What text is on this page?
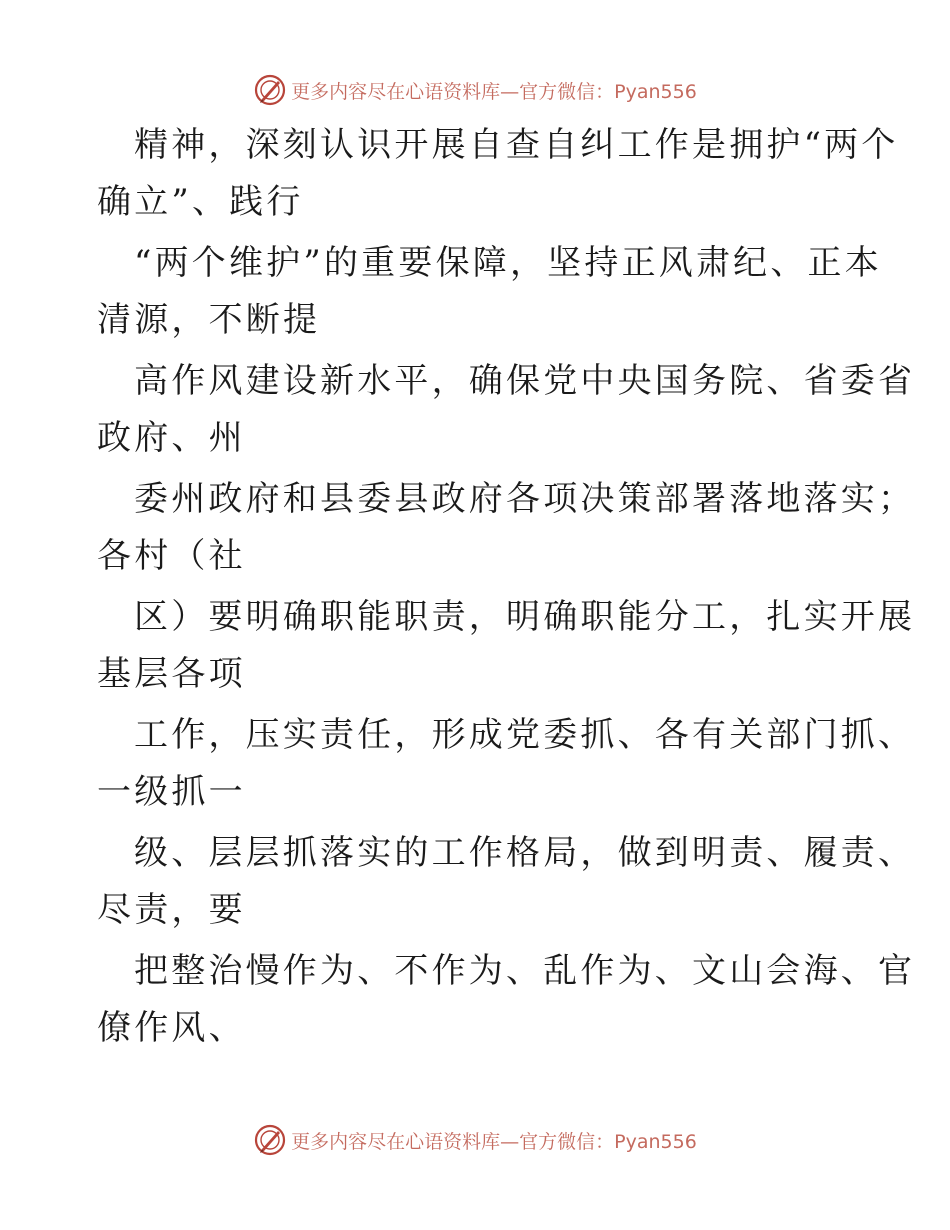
更多内容尽在心语资料库—官方微信：Pyan556
精神，深刻认识开展自查自纠工作是拥护“两个
确立”、践行
“两个维护”的重要保障，坚持正风肃纪、正本
清源，不断提
高作风建设新水平，确保党中央国务院、省委省
政府、州
委州政府和县委县政府各项决策部署落地落实；
各村（社
区）要明确职能职责，明确职能分工，扎实开展
基层各项
工作，压实责任，形成党委抓、各有关部门抓、
一级抓一
级、层层抓落实的工作格局，做到明责、履责、
尽责，要
把整治慢作为、不作为、乱作为、文山会海、官
僚作风、
更多内容尽在心语资料库—官方微信：Pyan556
